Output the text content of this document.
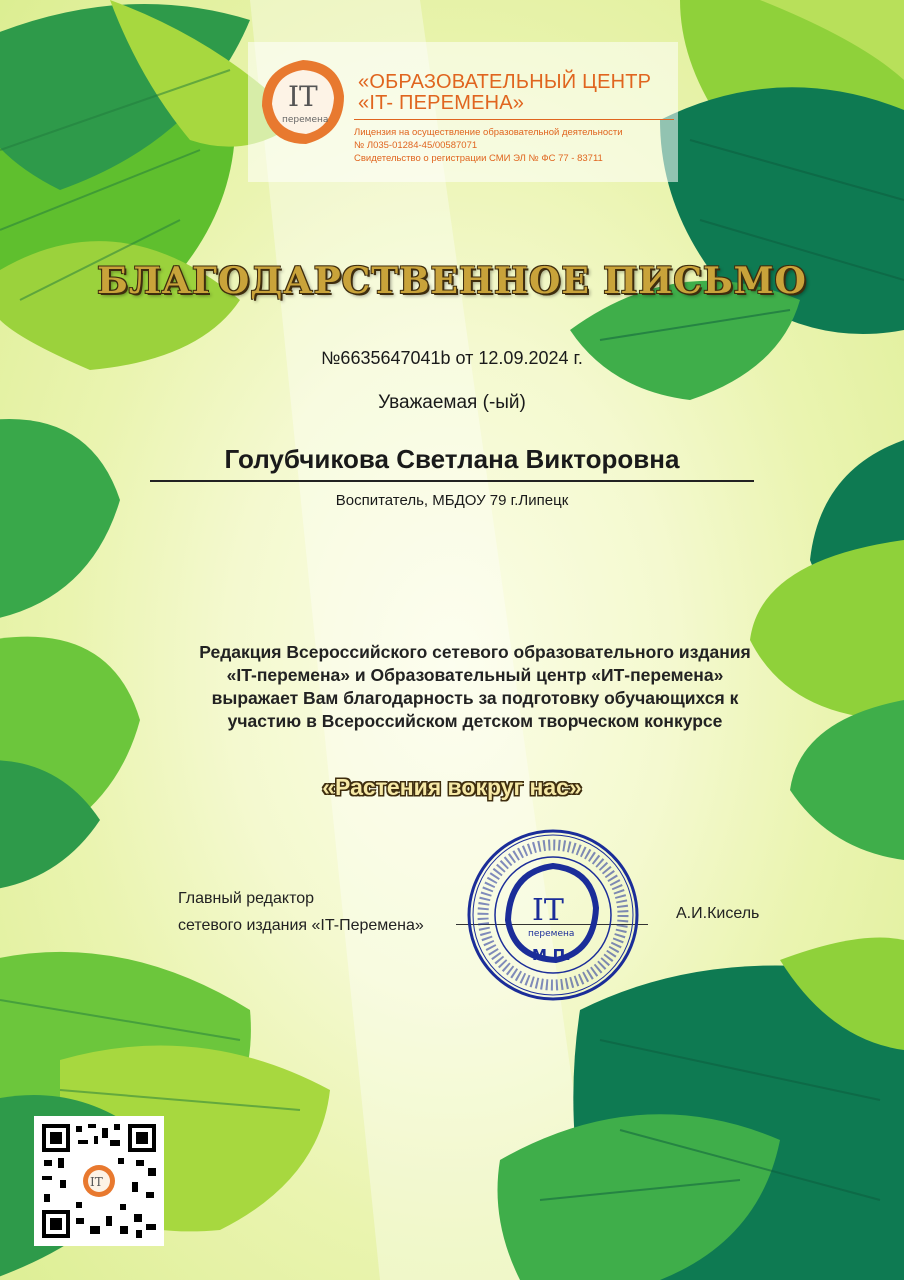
IT
перемена
«ОБРАЗОВАТЕЛЬНЫЙ ЦЕНТР
«IT- ПЕРЕМЕНА»
Лицензия на осуществление образовательной деятельности
№ Л035-01284-45/00587071
Свидетельство о регистрации СМИ ЭЛ № ФС 77 - 83711
БЛАГОДАРСТВЕННОЕ ПИСЬМО
№6635647041b от 12.09.2024 г.
Уважаемая (-ый)
Голубчикова Светлана Викторовна
Воспитатель, МБДОУ 79 г.Липецк
Редакция Всероссийского сетевого образовательного издания
«IT-перемена» и Образовательный центр «ИТ-перемена»
выражает Вам благодарность за подготовку обучающихся к
участию в Всероссийском детском творческом конкурсе
«Растения вокруг нас»
Главный редактор
сетевого издания «IT-Перемена»
А.И.Кисель
IT
перемена
М.П.
IT
